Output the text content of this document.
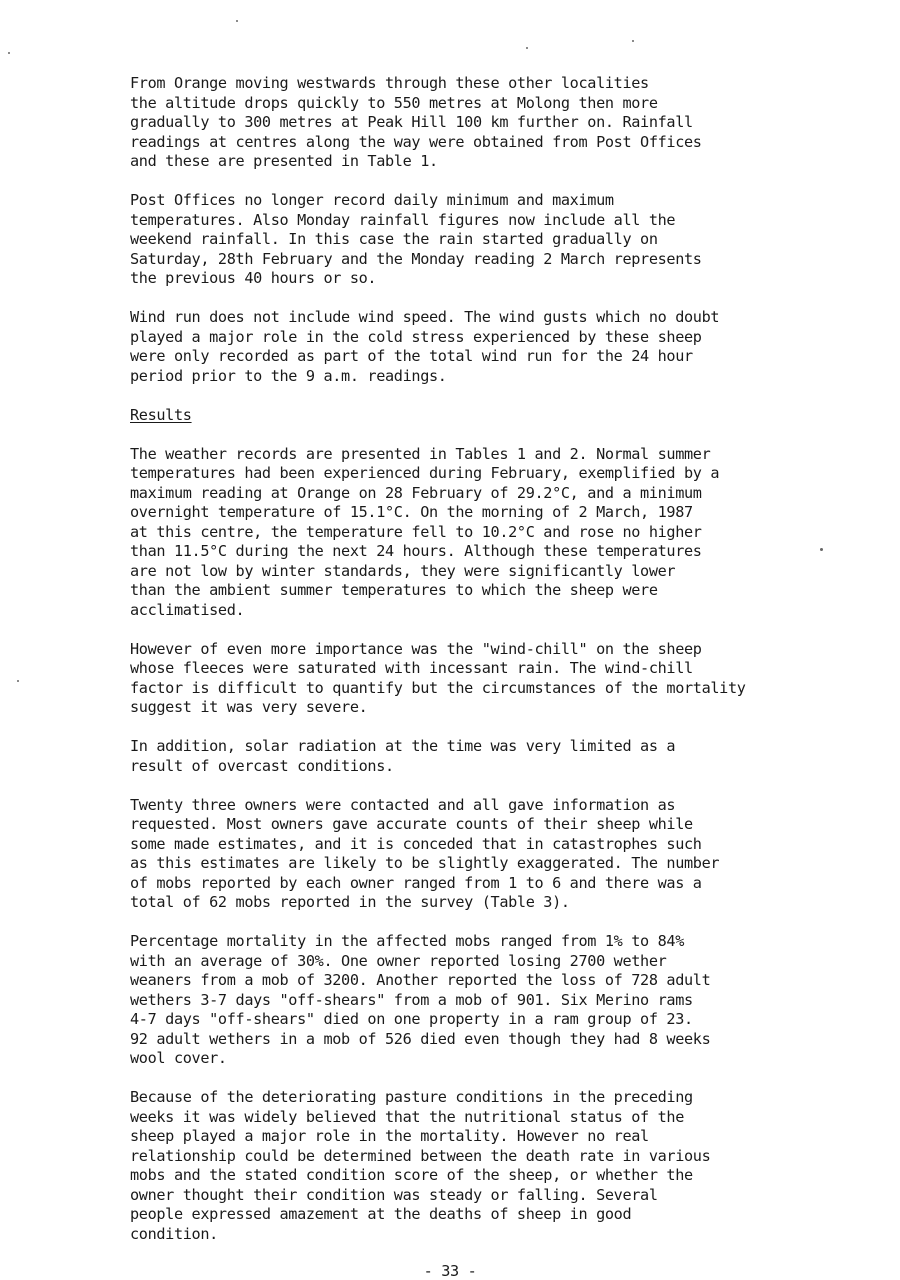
From Orange moving westwards through these other localities
the altitude drops quickly to 550 metres at Molong then more
gradually to 300 metres at Peak Hill 100 km further on. Rainfall
readings at centres along the way were obtained from Post Offices
and these are presented in Table 1.

Post Offices no longer record daily minimum and maximum
temperatures. Also Monday rainfall figures now include all the
weekend rainfall. In this case the rain started gradually on
Saturday, 28th February and the Monday reading 2 March represents
the previous 40 hours or so.

Wind run does not include wind speed. The wind gusts which no doubt
played a major role in the cold stress experienced by these sheep
were only recorded as part of the total wind run for the 24 hour
period prior to the 9 a.m. readings.

Results

The weather records are presented in Tables 1 and 2. Normal summer
temperatures had been experienced during February, exemplified by a
maximum reading at Orange on 28 February of 29.2°C, and a minimum
overnight temperature of 15.1°C. On the morning of 2 March, 1987
at this centre, the temperature fell to 10.2°C and rose no higher
than 11.5°C during the next 24 hours. Although these temperatures
are not low by winter standards, they were significantly lower
than the ambient summer temperatures to which the sheep were
acclimatised.

However of even more importance was the "wind-chill" on the sheep
whose fleeces were saturated with incessant rain. The wind-chill
factor is difficult to quantify but the circumstances of the mortality
suggest it was very severe.

In addition, solar radiation at the time was very limited as a
result of overcast conditions.

Twenty three owners were contacted and all gave information as
requested. Most owners gave accurate counts of their sheep while
some made estimates, and it is conceded that in catastrophes such
as this estimates are likely to be slightly exaggerated. The number
of mobs reported by each owner ranged from 1 to 6 and there was a
total of 62 mobs reported in the survey (Table 3).

Percentage mortality in the affected mobs ranged from 1% to 84%
with an average of 30%. One owner reported losing 2700 wether
weaners from a mob of 3200. Another reported the loss of 728 adult
wethers 3-7 days "off-shears" from a mob of 901. Six Merino rams
4-7 days "off-shears" died on one property in a ram group of 23.
92 adult wethers in a mob of 526 died even though they had 8 weeks
wool cover.

Because of the deteriorating pasture conditions in the preceding
weeks it was widely believed that the nutritional status of the
sheep played a major role in the mortality. However no real
relationship could be determined between the death rate in various
mobs and the stated condition score of the sheep, or whether the
owner thought their condition was steady or falling. Several
people expressed amazement at the deaths of sheep in good
condition.

- 33 -
